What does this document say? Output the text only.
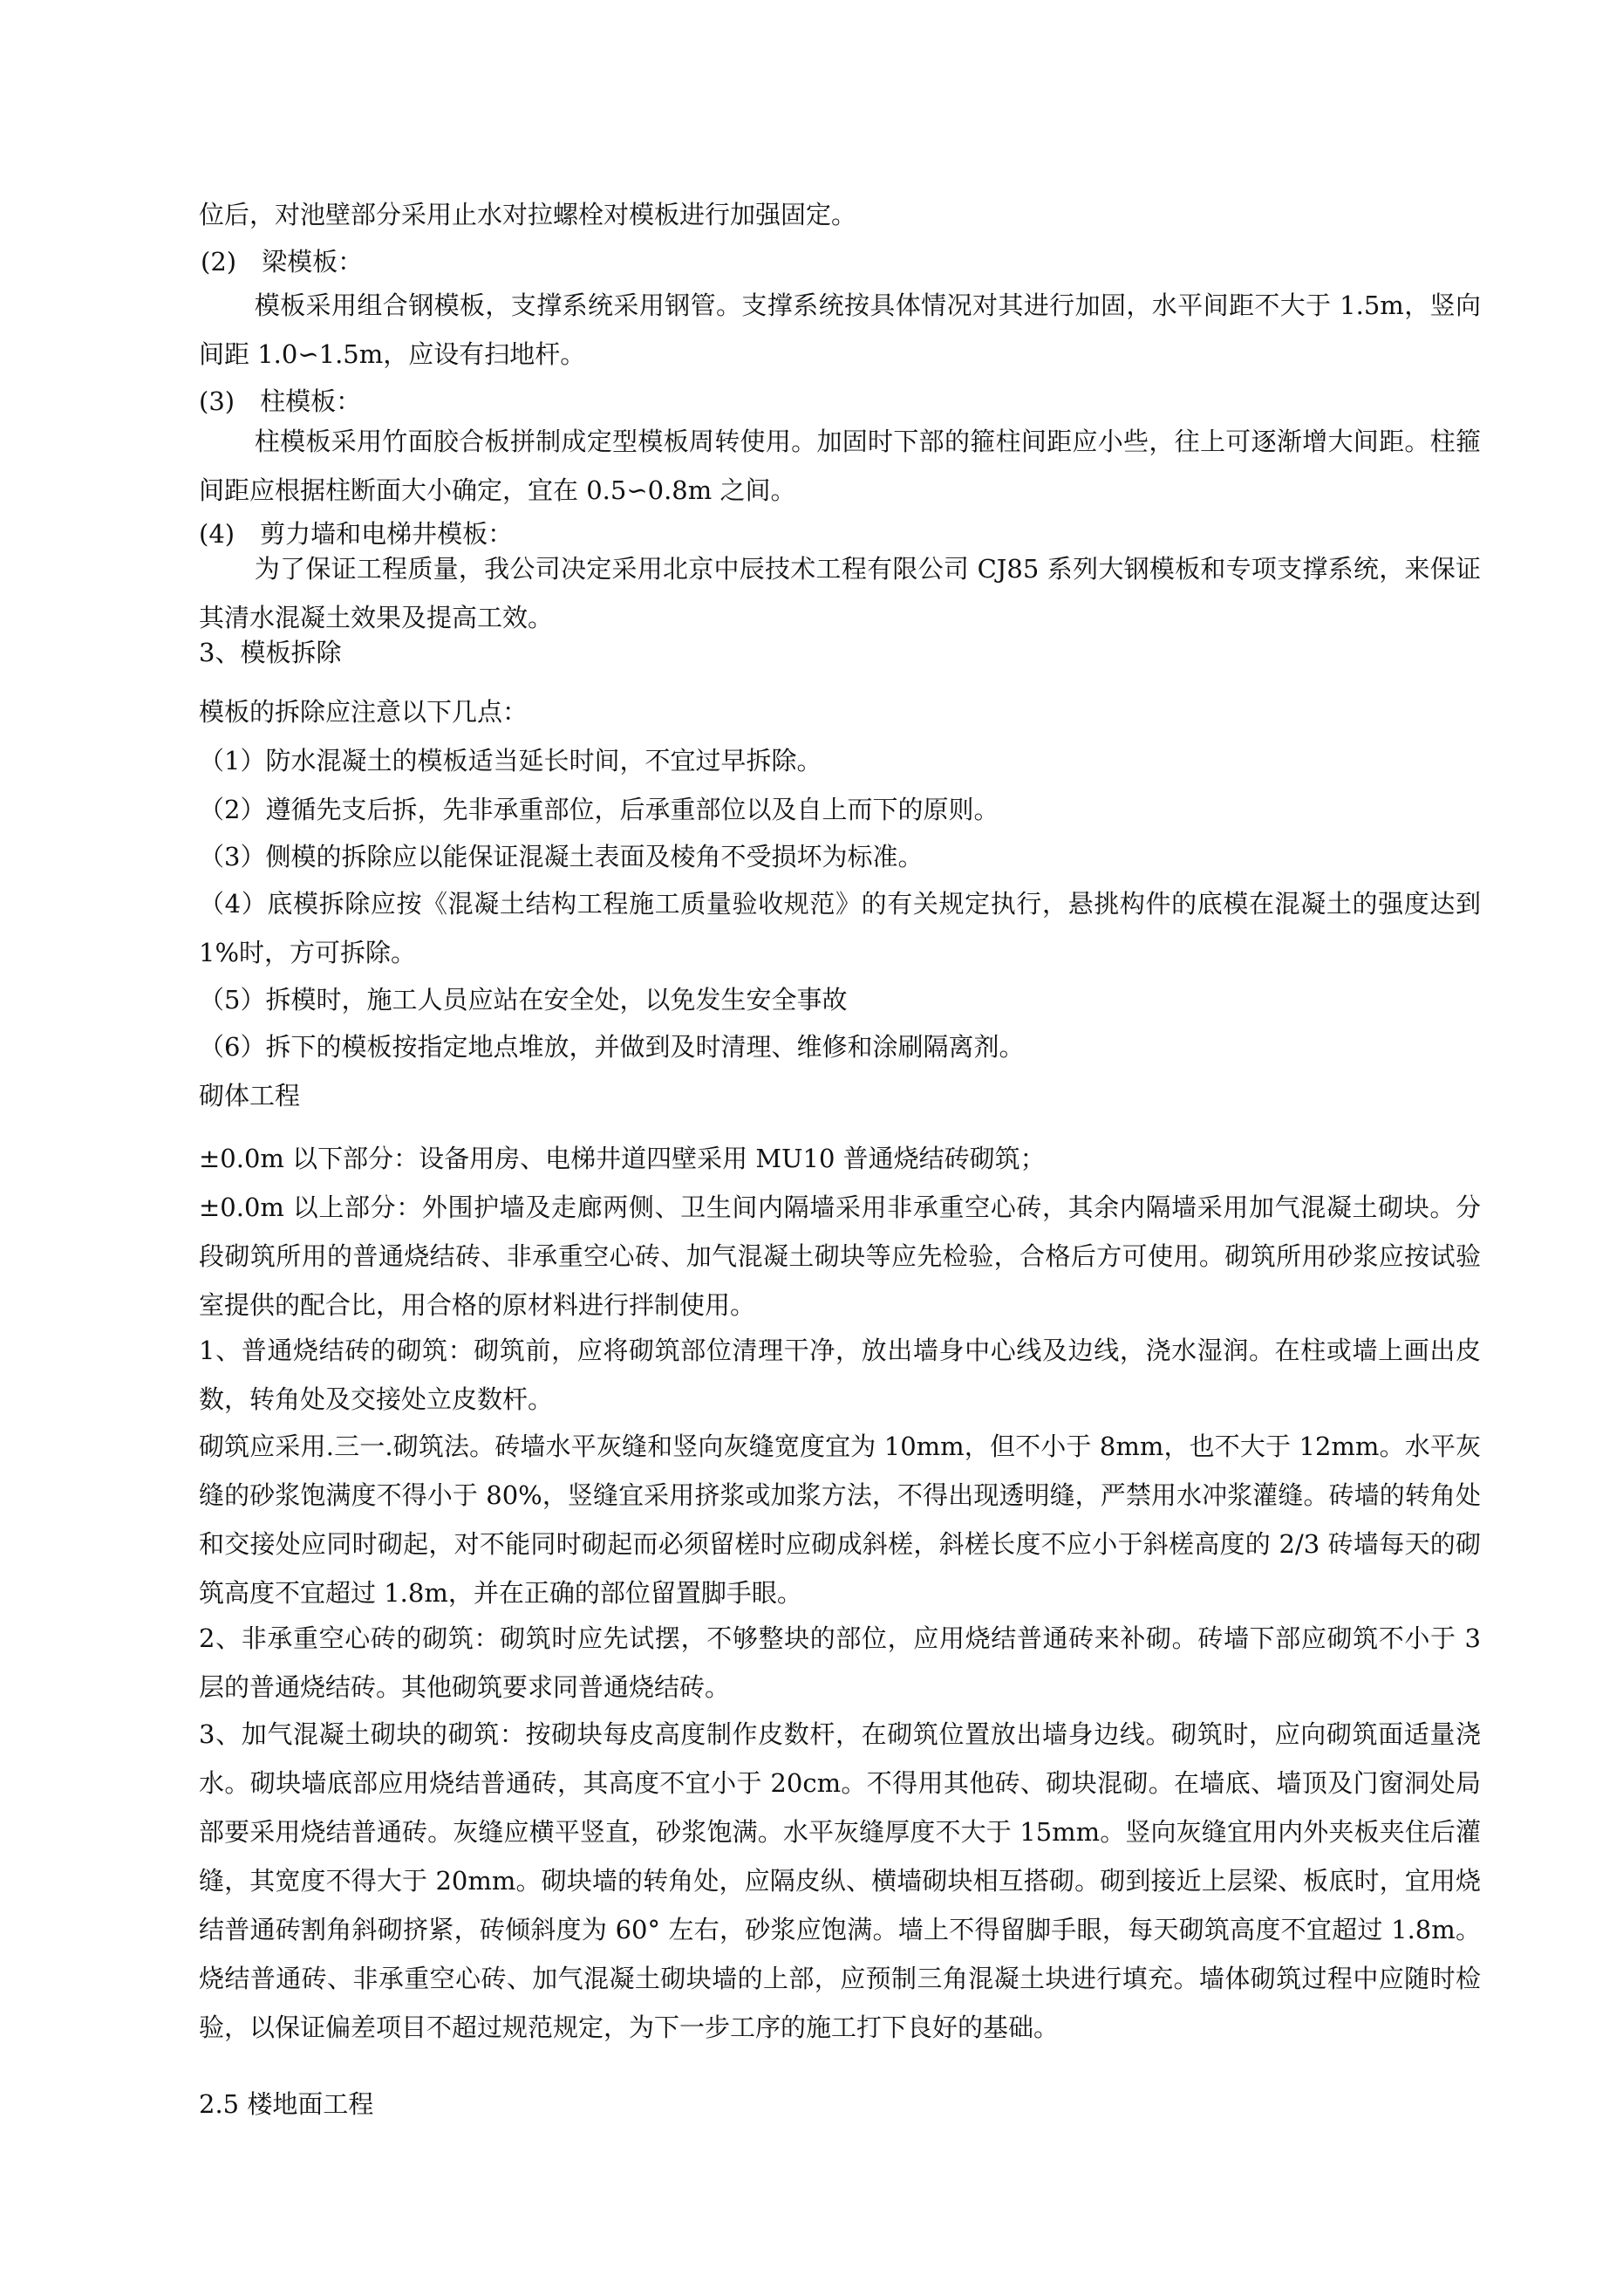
位后，对池壁部分采用止水对拉螺栓对模板进行加强固定。

(2)　梁模板：

模板采用组合钢模板，支撑系统采用钢管。支撑系统按具体情况对其进行加固，水平间距不大于 1.5m，竖向间距 1.0∽1.5m，应设有扫地杆。

(3)　柱模板：

柱模板采用竹面胶合板拼制成定型模板周转使用。加固时下部的箍柱间距应小些，往上可逐渐增大间距。柱箍间距应根据柱断面大小确定，宜在 0.5∽0.8m 之间。

(4)　剪力墙和电梯井模板：

为了保证工程质量，我公司决定采用北京中辰技术工程有限公司 CJ85 系列大钢模板和专项支撑系统，来保证其清水混凝土效果及提高工效。

3、模板拆除

模板的拆除应注意以下几点：

（1）防水混凝土的模板适当延长时间，不宜过早拆除。

（2）遵循先支后拆，先非承重部位，后承重部位以及自上而下的原则。

（3）侧模的拆除应以能保证混凝土表面及棱角不受损坏为标准。

（4）底模拆除应按《混凝土结构工程施工质量验收规范》的有关规定执行，悬挑构件的底模在混凝土的强度达到 1%时，方可拆除。

（5）拆模时，施工人员应站在安全处，以免发生安全事故

（6）拆下的模板按指定地点堆放，并做到及时清理、维修和涂刷隔离剂。

砌体工程

±0.0m 以下部分：设备用房、电梯井道四壁采用 MU10 普通烧结砖砌筑；

±0.0m 以上部分：外围护墙及走廊两侧、卫生间内隔墙采用非承重空心砖，其余内隔墙采用加气混凝土砌块。分段砌筑所用的普通烧结砖、非承重空心砖、加气混凝土砌块等应先检验，合格后方可使用。砌筑所用砂浆应按试验室提供的配合比，用合格的原材料进行拌制使用。

1、普通烧结砖的砌筑：砌筑前，应将砌筑部位清理干净，放出墙身中心线及边线，浇水湿润。在柱或墙上画出皮数，转角处及交接处立皮数杆。

砌筑应采用.三一.砌筑法。砖墙水平灰缝和竖向灰缝宽度宜为 10mm，但不小于 8mm，也不大于 12mm。水平灰缝的砂浆饱满度不得小于 80%，竖缝宜采用挤浆或加浆方法，不得出现透明缝，严禁用水冲浆灌缝。砖墙的转角处和交接处应同时砌起，对不能同时砌起而必须留槎时应砌成斜槎，斜槎长度不应小于斜槎高度的 2/3 砖墙每天的砌筑高度不宜超过 1.8m，并在正确的部位留置脚手眼。

2、非承重空心砖的砌筑：砌筑时应先试摆，不够整块的部位，应用烧结普通砖来补砌。砖墙下部应砌筑不小于 3 层的普通烧结砖。其他砌筑要求同普通烧结砖。

3、加气混凝土砌块的砌筑：按砌块每皮高度制作皮数杆，在砌筑位置放出墙身边线。砌筑时，应向砌筑面适量浇水。砌块墙底部应用烧结普通砖，其高度不宜小于 20cm。不得用其他砖、砌块混砌。在墙底、墙顶及门窗洞处局部要采用烧结普通砖。灰缝应横平竖直，砂浆饱满。水平灰缝厚度不大于 15mm。竖向灰缝宜用内外夹板夹住后灌缝，其宽度不得大于 20mm。砌块墙的转角处，应隔皮纵、横墙砌块相互搭砌。砌到接近上层梁、板底时，宜用烧结普通砖割角斜砌挤紧，砖倾斜度为 60° 左右，砂浆应饱满。墙上不得留脚手眼，每天砌筑高度不宜超过 1.8m。烧结普通砖、非承重空心砖、加气混凝土砌块墙的上部，应预制三角混凝土块进行填充。墙体砌筑过程中应随时检验，以保证偏差项目不超过规范规定，为下一步工序的施工打下良好的基础。

2.5 楼地面工程
